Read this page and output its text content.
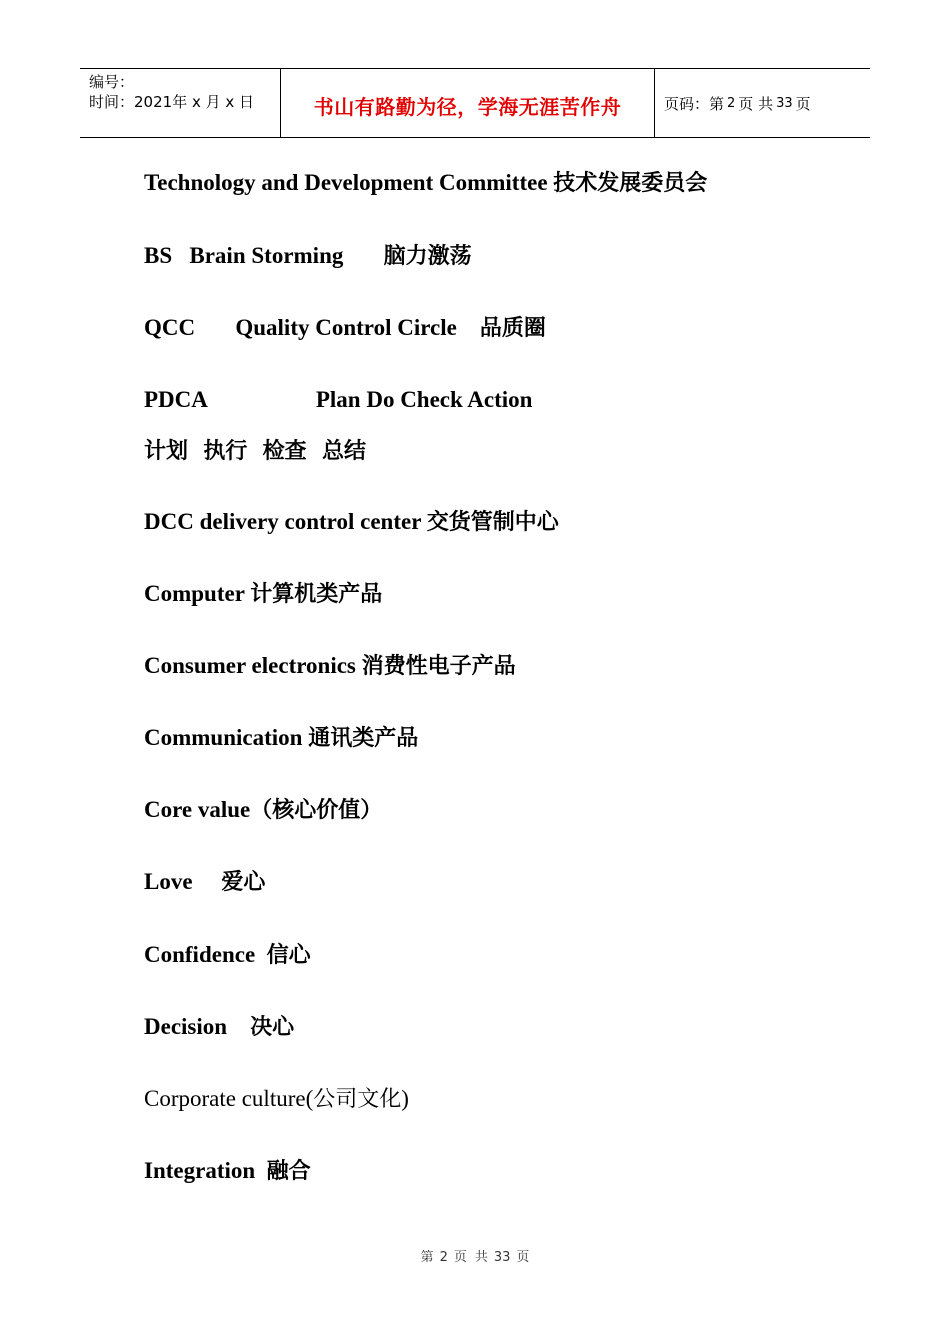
编号：
时间：2021年 x 月 x 日	书山有路勤为径，学海无涯苦作舟	页码：第 2 页 共 33 页
Technology and Development Committee 技术发展委员会
BS   Brain Storming       脑力激荡
QCC       Quality Control Circle    品质圈
PDCA                   Plan Do Check Action
计划  执行  检查  总结
DCC delivery control center 交货管制中心
Computer 计算机类产品
Consumer electronics 消费性电子产品
Communication 通讯类产品
Core value（核心价值）
Love     爱心
Confidence  信心
Decision    决心
Corporate culture(公司文化)
Integration  融合
第 2 页 共 33 页
